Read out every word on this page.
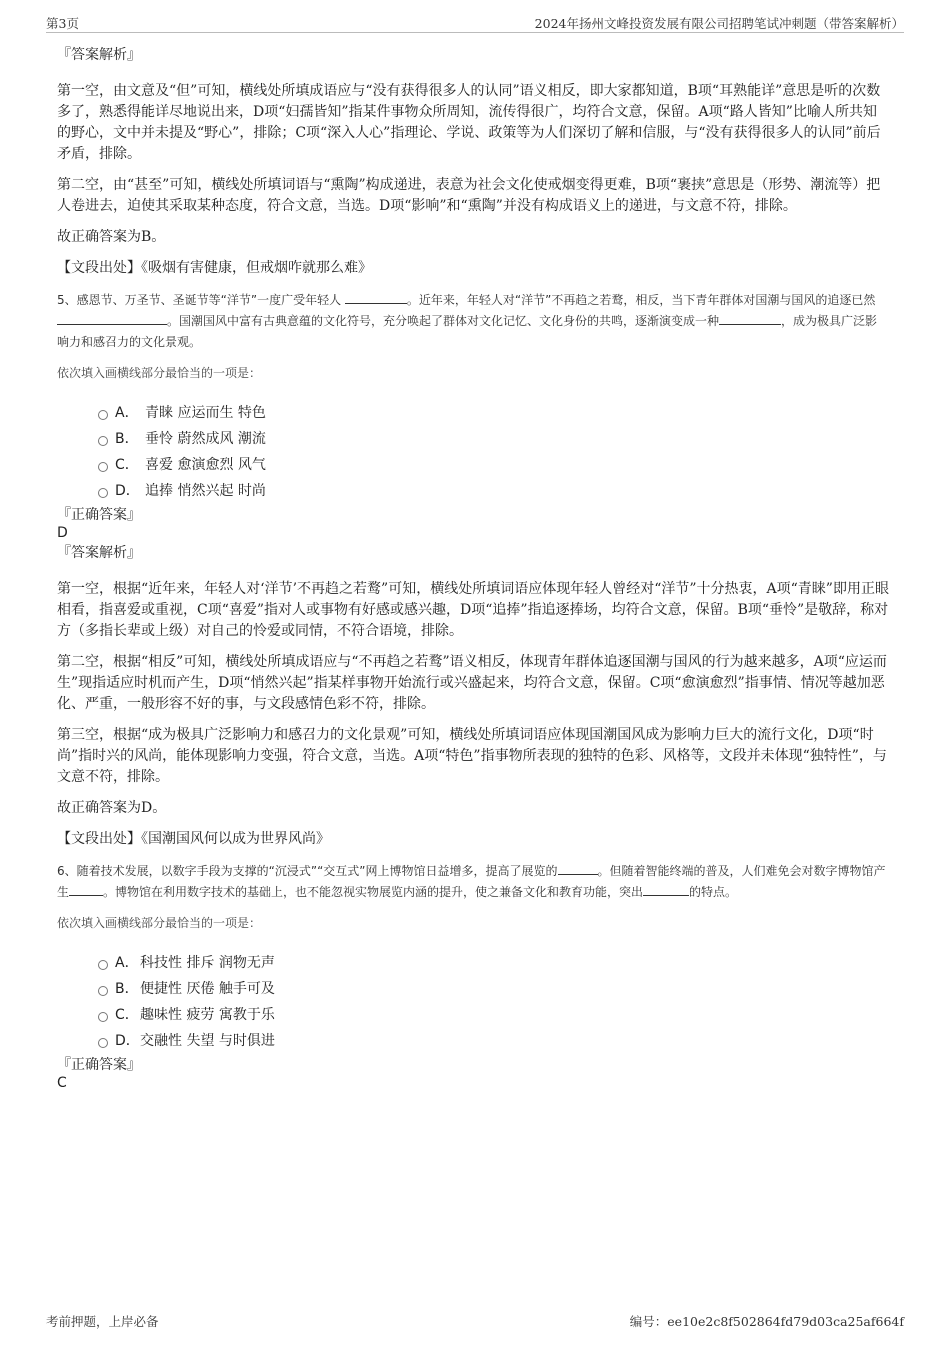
第3页	2024年扬州文峰投资发展有限公司招聘笔试冲刺题（带答案解析）
『答案解析』

第一空，由文意及“但”可知，横线处所填成语应与“没有获得很多人的认同”语义相反，即大家都知道，B项“耳熟能详”意思是听的次数多了，熟悉得能详尽地说出来，D项“妇孺皆知”指某件事物众所周知，流传得很广，均符合文意，保留。A项“路人皆知”比喻人所共知的野心，文中并未提及“野心”，排除；C项“深入人心”指理论、学说、政策等为人们深切了解和信服，与“没有获得很多人的认同”前后矛盾，排除。

第二空，由“甚至”可知，横线处所填词语与“熏陶”构成递进，表意为社会文化使戒烟变得更难，B项“裹挟”意思是（形势、潮流等）把人卷进去，迫使其采取某种态度，符合文意，当选。D项“影响”和“熏陶”并没有构成语义上的递进，与文意不符，排除。

故正确答案为B。

【文段出处】《吸烟有害健康，但戒烟咋就那么难》

5、感恩节、万圣节、圣诞节等“洋节”一度广受年轻人	。近年来，年轻人对“洋节”不再趋之若鹜，相反，当下青年群体对国潮与国风的追逐已然 。国潮国风中富有古典意蕴的文化符号，充分唤起了群体对文化记忆、文化身份的共鸣，逐渐演变成一种	，成为极具广泛影响力和感召力的文化景观。

依次填入画横线部分最恰当的一项是：
A． 青睐 应运而生 特色
B． 垂怜 蔚然成风 潮流
C． 喜爱 愈演愈烈 风气
D． 追捧 悄然兴起 时尚
『正确答案』
D
『答案解析』

第一空，根据“近年来，年轻人对‘洋节’不再趋之若鹜”可知，横线处所填词语应体现年轻人曾经对“洋节”十分热衷，A项“青睐”即用正眼相看，指喜爱或重视，C项“喜爱”指对人或事物有好感或感兴趣，D项“追捧”指追逐捧场，均符合文意，保留。B项“垂怜”是敬辞，称对方（多指长辈或上级）对自己的怜爱或同情，不符合语境，排除。

第二空，根据“相反”可知，横线处所填成语应与“不再趋之若鹜”语义相反，体现青年群体追逐国潮与国风的行为越来越多，A项“应运而生”现指适应时机而产生，D项“悄然兴起”指某样事物开始流行或兴盛起来，均符合文意，保留。C项“愈演愈烈”指事情、情况等越加恶化、严重，一般形容不好的事，与文段感情色彩不符，排除。

第三空，根据“成为极具广泛影响力和感召力的文化景观”可知，横线处所填词语应体现国潮国风成为影响力巨大的流行文化，D项“时尚”指时兴的风尚，能体现影响力变强，符合文意，当选。A项“特色”指事物所表现的独特的色彩、风格等，文段并未体现“独特性”，与文意不符，排除。

故正确答案为D。

【文段出处】《国潮国风何以成为世界风尚》

6、随着技术发展，以数字手段为支撑的“沉浸式”“交互式”网上博物馆日益增多，提高了展览的	。但随着智能终端的普及，人们难免会对数字博物馆产生	。博物馆在利用数字技术的基础上，也不能忽视实物展览内涵的提升，使之兼备文化和教育功能，突出	的特点。

依次填入画横线部分最恰当的一项是：
A． 科技性 排斥 润物无声
B． 便捷性 厌倦 触手可及
C． 趣味性 疲劳 寓教于乐
D． 交融性 失望 与时俱进
『正确答案』
C
考前押题，上岸必备	编号：ee10e2c8f502864fd79d03ca25af664f
